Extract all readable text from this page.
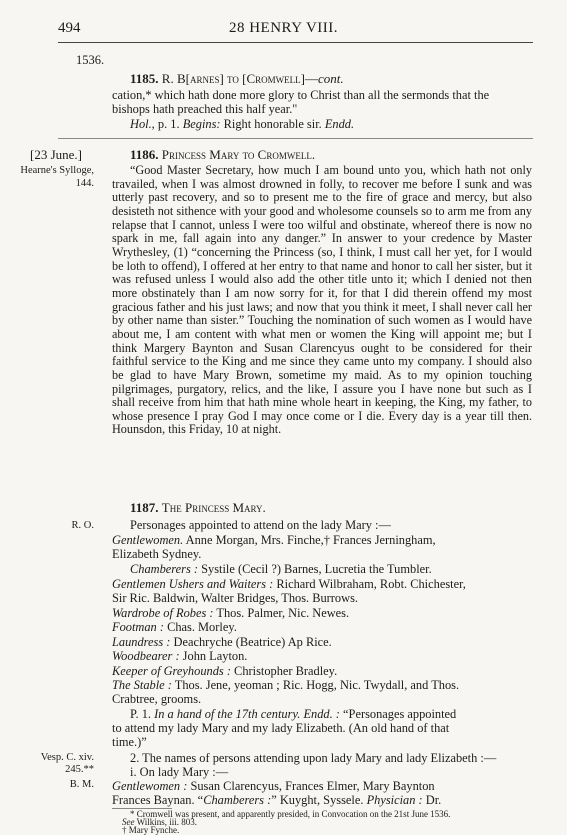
494	28 HENRY VIII.
1536.
1185. R. B[arnes] to [Cromwell]—cont.
cation,* which hath done more glory to Christ than all the sermonds that the
bishops hath preached this half year."
Hol., p. 1. Begins: Right honorable sir. Endd.
[23 June.]	1186. Princess Mary to Cromwell.
Hearne's Sylloge, 144.
“Good Master Secretary, how much I am bound unto you, which hath not only travailed, when I was almost drowned in folly, to recover me before I sunk and was utterly past recovery, and so to present me to the fire of grace and mercy, but also desisteth not sithence with your good and wholesome counsels so to arm me from any relapse that I cannot, unless I were too wilful and obstinate, whereof there is now no spark in me, fall again into any danger.” In answer to your credence by Master Wrythesley, (1) “concerning the Princess (so, I think, I must call her yet, for I would be loth to offend), I offered at her entry to that name and honor to call her sister, but it was refused unless I would also add the other title unto it; which I denied not then more obstinately than I am now sorry for it, for that I did therein offend my most gracious father and his just laws; and now that you think it meet, I shall never call her by other name than sister.” Touching the nomination of such women as I would have about me, I am content with what men or women the King will appoint me; but I think Margery Baynton and Susan Clarencyus ought to be considered for their faithful service to the King and me since they came unto my company. I should also be glad to have Mary Brown, sometime my maid. As to my opinion touching pilgrimages, purgatory, relics, and the like, I assure you I have none but such as I shall receive from him that hath mine whole heart in keeping, the King, my father, to whose presence I pray God I may once come or I die. Every day is a year till then. Hounsdon, this Friday, 10 at night.
1187. The Princess Mary.
R. O.	Personages appointed to attend on the lady Mary :—
Gentlewomen. Anne Morgan, Mrs. Finche,† Frances Jerningham,
Elizabeth Sydney.
Chamberers : Systile (Cecil ?) Barnes, Lucretia the Tumbler.
Gentlemen Ushers and Waiters : Richard Wilbraham, Robt. Chichester,
Sir Ric. Baldwin, Walter Bridges, Thos. Burrows.
Wardrobe of Robes : Thos. Palmer, Nic. Newes.
Footman : Chas. Morley.
Laundress : Deachryche (Beatrice) Ap Rice.
Woodbearer : John Layton.
Keeper of Greyhounds : Christopher Bradley.
The Stable : Thos. Jene, yeoman ; Ric. Hogg, Nic. Twydall, and Thos.
Crabtree, grooms.
P. 1. In a hand of the 17th century. Endd. : “Personages appointed
to attend my lady Mary and my lady Elizabeth. (An old hand of that
time.)”
Vesp. C. xiv.
245.**
B. M.
2. The names of persons attending upon lady Mary and lady Elizabeth :—
i. On lady Mary :—
Gentlewomen : Susan Clarencyus, Frances Elmer, Mary Baynton
Frances Baynan. “Chamberers :” Kuyght, Syssele. Physician : Dr.
* Cromwell was present, and apparently presided, in Convocation on the 21st June 1536.
See Wilkins, iii. 803.
† Mary Fynche.
